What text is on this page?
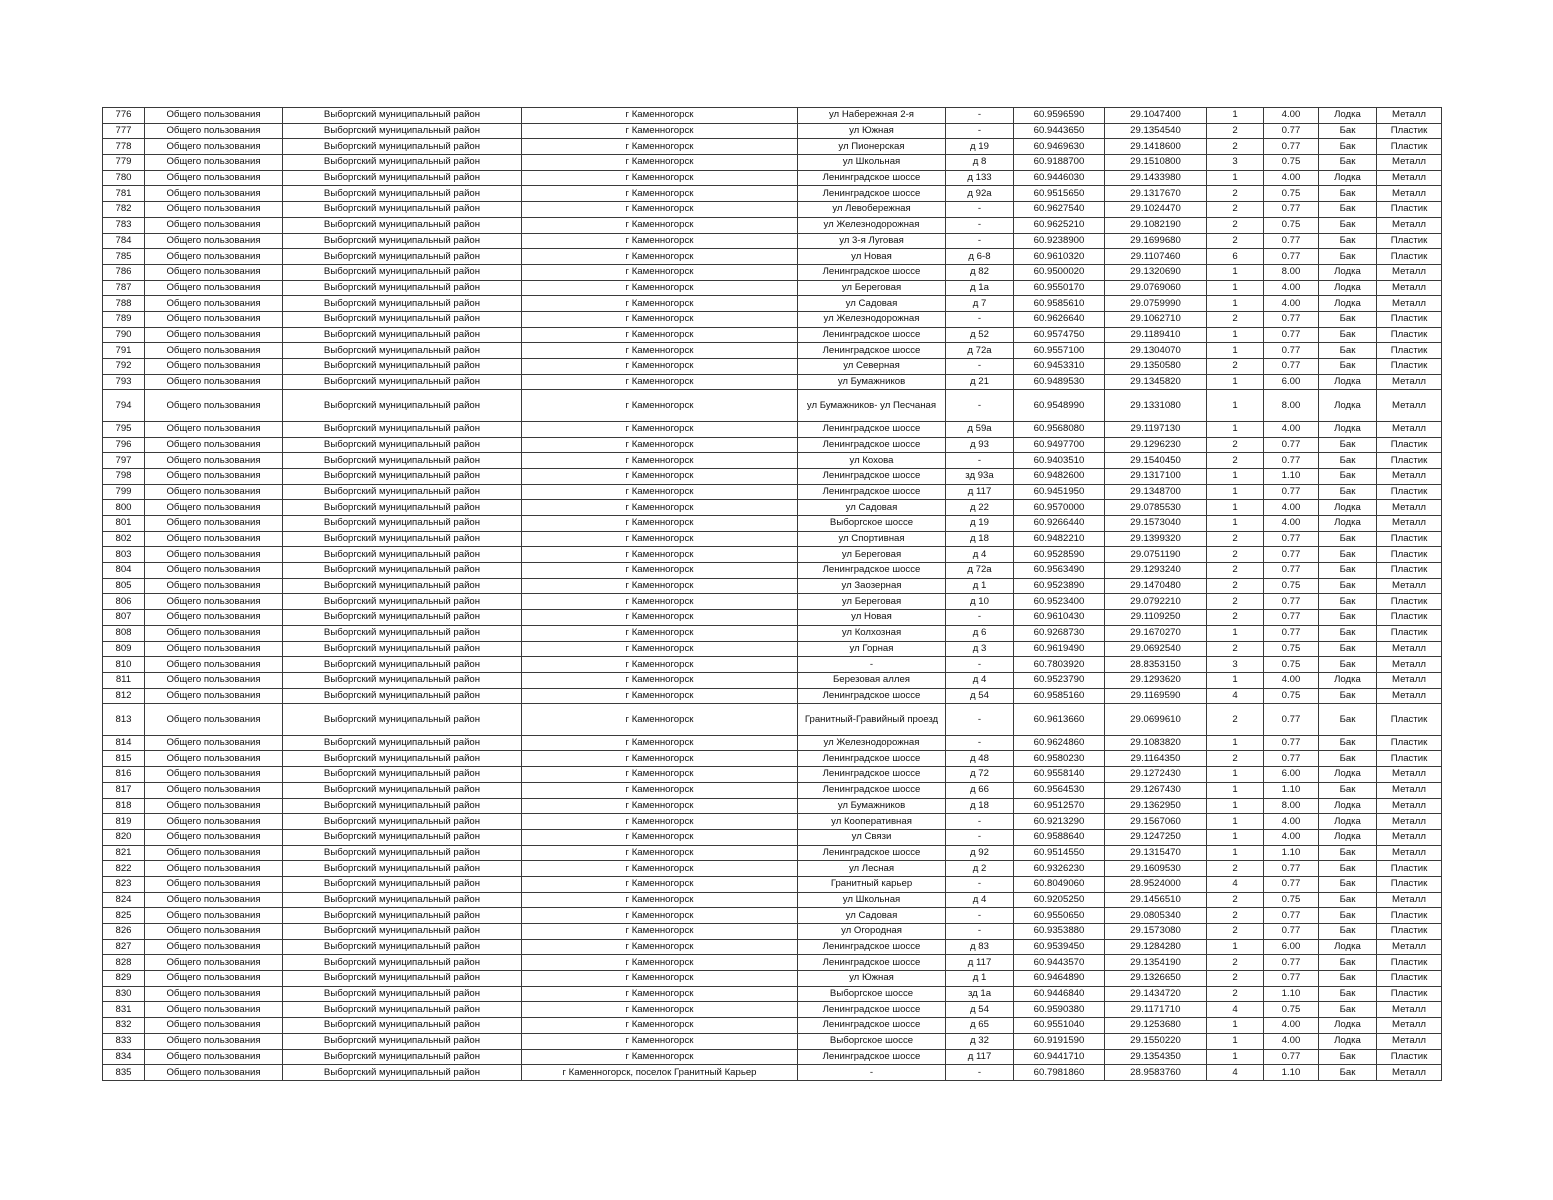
776	Общего пользования	Выборгский муниципальный район	г Каменногорск	ул Набережная 2-я	-	60.9596590	29.1047400	1	4.00	Лодка	Металл
777	Общего пользования	Выборгский муниципальный район	г Каменногорск	ул Южная	-	60.9443650	29.1354540	2	0.77	Бак	Пластик
778	Общего пользования	Выборгский муниципальный район	г Каменногорск	ул Пионерская	д 19	60.9469630	29.1418600	2	0.77	Бак	Пластик
779	Общего пользования	Выборгский муниципальный район	г Каменногорск	ул Школьная	д 8	60.9188700	29.1510800	3	0.75	Бак	Металл
780	Общего пользования	Выборгский муниципальный район	г Каменногорск	Ленинградское шоссе	д 133	60.9446030	29.1433980	1	4.00	Лодка	Металл
781	Общего пользования	Выборгский муниципальный район	г Каменногорск	Ленинградское шоссе	д 92а	60.9515650	29.1317670	2	0.75	Бак	Металл
782	Общего пользования	Выборгский муниципальный район	г Каменногорск	ул Левобережная	-	60.9627540	29.1024470	2	0.77	Бак	Пластик
783	Общего пользования	Выборгский муниципальный район	г Каменногорск	ул Железнодорожная	-	60.9625210	29.1082190	2	0.75	Бак	Металл
784	Общего пользования	Выборгский муниципальный район	г Каменногорск	ул 3-я Луговая	-	60.9238900	29.1699680	2	0.77	Бак	Пластик
785	Общего пользования	Выборгский муниципальный район	г Каменногорск	ул Новая	д 6-8	60.9610320	29.1107460	6	0.77	Бак	Пластик
786	Общего пользования	Выборгский муниципальный район	г Каменногорск	Ленинградское шоссе	д 82	60.9500020	29.1320690	1	8.00	Лодка	Металл
787	Общего пользования	Выборгский муниципальный район	г Каменногорск	ул Береговая	д 1а	60.9550170	29.0769060	1	4.00	Лодка	Металл
788	Общего пользования	Выборгский муниципальный район	г Каменногорск	ул Садовая	д 7	60.9585610	29.0759990	1	4.00	Лодка	Металл
789	Общего пользования	Выборгский муниципальный район	г Каменногорск	ул Железнодорожная	-	60.9626640	29.1062710	2	0.77	Бак	Пластик
790	Общего пользования	Выборгский муниципальный район	г Каменногорск	Ленинградское шоссе	д 52	60.9574750	29.1189410	1	0.77	Бак	Пластик
791	Общего пользования	Выборгский муниципальный район	г Каменногорск	Ленинградское шоссе	д 72а	60.9557100	29.1304070	1	0.77	Бак	Пластик
792	Общего пользования	Выборгский муниципальный район	г Каменногорск	ул Северная	-	60.9453310	29.1350580	2	0.77	Бак	Пластик
793	Общего пользования	Выборгский муниципальный район	г Каменногорск	ул Бумажников	д 21	60.9489530	29.1345820	1	6.00	Лодка	Металл
794	Общего пользования	Выборгский муниципальный район	г Каменногорск	ул Бумажников- ул Песчаная	-	60.9548990	29.1331080	1	8.00	Лодка	Металл
795	Общего пользования	Выборгский муниципальный район	г Каменногорск	Ленинградское шоссе	д 59а	60.9568080	29.1197130	1	4.00	Лодка	Металл
796	Общего пользования	Выборгский муниципальный район	г Каменногорск	Ленинградское шоссе	д 93	60.9497700	29.1296230	2	0.77	Бак	Пластик
797	Общего пользования	Выборгский муниципальный район	г Каменногорск	ул Кохова	-	60.9403510	29.1540450	2	0.77	Бак	Пластик
798	Общего пользования	Выборгский муниципальный район	г Каменногорск	Ленинградское шоссе	зд 93а	60.9482600	29.1317100	1	1.10	Бак	Металл
799	Общего пользования	Выборгский муниципальный район	г Каменногорск	Ленинградское шоссе	д 117	60.9451950	29.1348700	1	0.77	Бак	Пластик
800	Общего пользования	Выборгский муниципальный район	г Каменногорск	ул Садовая	д 22	60.9570000	29.0785530	1	4.00	Лодка	Металл
801	Общего пользования	Выборгский муниципальный район	г Каменногорск	Выборгское шоссе	д 19	60.9266440	29.1573040	1	4.00	Лодка	Металл
802	Общего пользования	Выборгский муниципальный район	г Каменногорск	ул Спортивная	д 18	60.9482210	29.1399320	2	0.77	Бак	Пластик
803	Общего пользования	Выборгский муниципальный район	г Каменногорск	ул Береговая	д 4	60.9528590	29.0751190	2	0.77	Бак	Пластик
804	Общего пользования	Выборгский муниципальный район	г Каменногорск	Ленинградское шоссе	д 72а	60.9563490	29.1293240	2	0.77	Бак	Пластик
805	Общего пользования	Выборгский муниципальный район	г Каменногорск	ул Заозерная	д 1	60.9523890	29.1470480	2	0.75	Бак	Металл
806	Общего пользования	Выборгский муниципальный район	г Каменногорск	ул Береговая	д 10	60.9523400	29.0792210	2	0.77	Бак	Пластик
807	Общего пользования	Выборгский муниципальный район	г Каменногорск	ул Новая	-	60.9610430	29.1109250	2	0.77	Бак	Пластик
808	Общего пользования	Выборгский муниципальный район	г Каменногорск	ул Колхозная	д 6	60.9268730	29.1670270	1	0.77	Бак	Пластик
809	Общего пользования	Выборгский муниципальный район	г Каменногорск	ул Горная	д 3	60.9619490	29.0692540	2	0.75	Бак	Металл
810	Общего пользования	Выборгский муниципальный район	г Каменногорск	-	-	60.7803920	28.8353150	3	0.75	Бак	Металл
811	Общего пользования	Выборгский муниципальный район	г Каменногорск	Березовая аллея	д 4	60.9523790	29.1293620	1	4.00	Лодка	Металл
812	Общего пользования	Выборгский муниципальный район	г Каменногорск	Ленинградское шоссе	д 54	60.9585160	29.1169590	4	0.75	Бак	Металл
813	Общего пользования	Выборгский муниципальный район	г Каменногорск	Гранитный-Гравийный проезд	-	60.9613660	29.0699610	2	0.77	Бак	Пластик
814	Общего пользования	Выборгский муниципальный район	г Каменногорск	ул Железнодорожная	-	60.9624860	29.1083820	1	0.77	Бак	Пластик
815	Общего пользования	Выборгский муниципальный район	г Каменногорск	Ленинградское шоссе	д 48	60.9580230	29.1164350	2	0.77	Бак	Пластик
816	Общего пользования	Выборгский муниципальный район	г Каменногорск	Ленинградское шоссе	д 72	60.9558140	29.1272430	1	6.00	Лодка	Металл
817	Общего пользования	Выборгский муниципальный район	г Каменногорск	Ленинградское шоссе	д 66	60.9564530	29.1267430	1	1.10	Бак	Металл
818	Общего пользования	Выборгский муниципальный район	г Каменногорск	ул Бумажников	д 18	60.9512570	29.1362950	1	8.00	Лодка	Металл
819	Общего пользования	Выборгский муниципальный район	г Каменногорск	ул Кооперативная	-	60.9213290	29.1567060	1	4.00	Лодка	Металл
820	Общего пользования	Выборгский муниципальный район	г Каменногорск	ул Связи	-	60.9588640	29.1247250	1	4.00	Лодка	Металл
821	Общего пользования	Выборгский муниципальный район	г Каменногорск	Ленинградское шоссе	д 92	60.9514550	29.1315470	1	1.10	Бак	Металл
822	Общего пользования	Выборгский муниципальный район	г Каменногорск	ул Лесная	д 2	60.9326230	29.1609530	2	0.77	Бак	Пластик
823	Общего пользования	Выборгский муниципальный район	г Каменногорск	Гранитный карьер	-	60.8049060	28.9524000	4	0.77	Бак	Пластик
824	Общего пользования	Выборгский муниципальный район	г Каменногорск	ул Школьная	д 4	60.9205250	29.1456510	2	0.75	Бак	Металл
825	Общего пользования	Выборгский муниципальный район	г Каменногорск	ул Садовая	-	60.9550650	29.0805340	2	0.77	Бак	Пластик
826	Общего пользования	Выборгский муниципальный район	г Каменногорск	ул Огородная	-	60.9353880	29.1573080	2	0.77	Бак	Пластик
827	Общего пользования	Выборгский муниципальный район	г Каменногорск	Ленинградское шоссе	д 83	60.9539450	29.1284280	1	6.00	Лодка	Металл
828	Общего пользования	Выборгский муниципальный район	г Каменногорск	Ленинградское шоссе	д 117	60.9443570	29.1354190	2	0.77	Бак	Пластик
829	Общего пользования	Выборгский муниципальный район	г Каменногорск	ул Южная	д 1	60.9464890	29.1326650	2	0.77	Бак	Пластик
830	Общего пользования	Выборгский муниципальный район	г Каменногорск	Выборгское шоссе	зд 1а	60.9446840	29.1434720	2	1.10	Бак	Пластик
831	Общего пользования	Выборгский муниципальный район	г Каменногорск	Ленинградское шоссе	д 54	60.9590380	29.1171710	4	0.75	Бак	Металл
832	Общего пользования	Выборгский муниципальный район	г Каменногорск	Ленинградское шоссе	д 65	60.9551040	29.1253680	1	4.00	Лодка	Металл
833	Общего пользования	Выборгский муниципальный район	г Каменногорск	Выборгское шоссе	д 32	60.9191590	29.1550220	1	4.00	Лодка	Металл
834	Общего пользования	Выборгский муниципальный район	г Каменногорск	Ленинградское шоссе	д 117	60.9441710	29.1354350	1	0.77	Бак	Пластик
835	Общего пользования	Выборгский муниципальный район	г Каменногорск, поселок Гранитный Карьер	-	-	60.7981860	28.9583760	4	1.10	Бак	Металл
